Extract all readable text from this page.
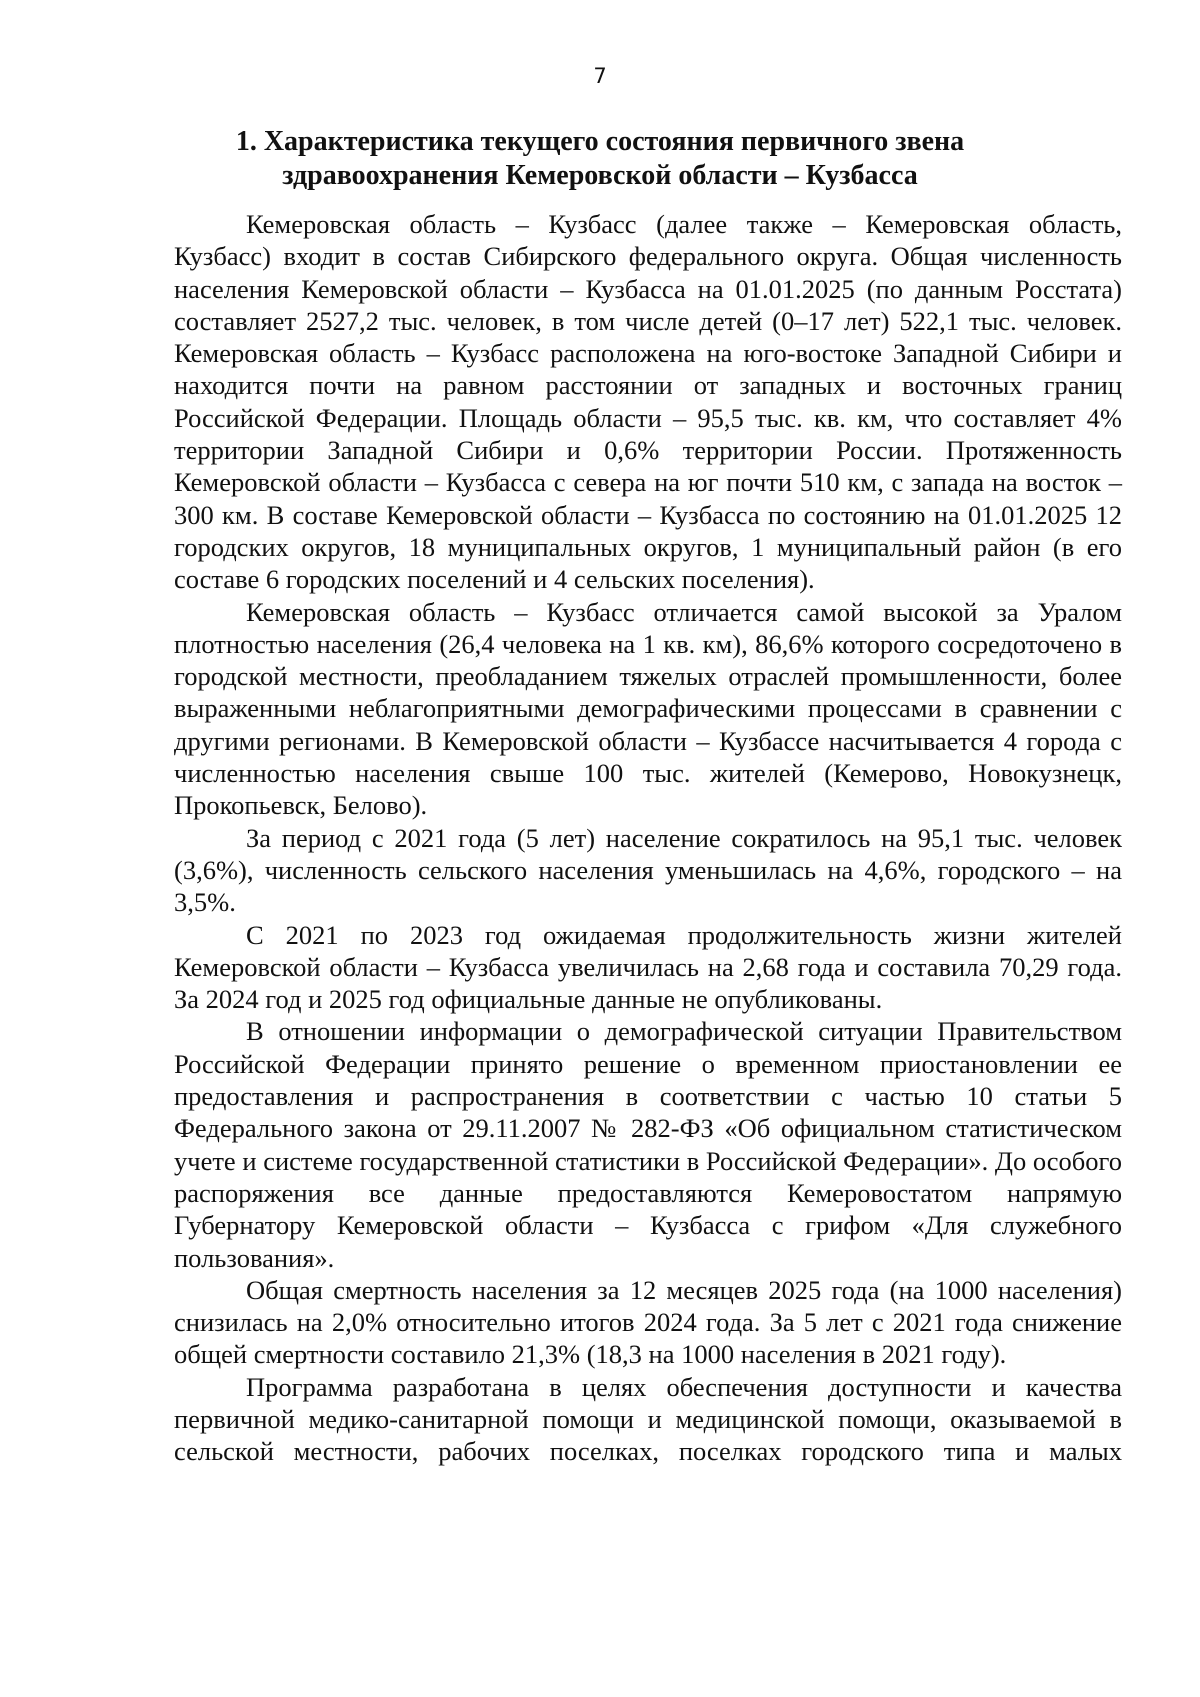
7
1. Характеристика текущего состояния первичного звена
здравоохранения Кемеровской области – Кузбасса

Кемеровская область – Кузбасс (далее также – Кемеровская область, Кузбасс) входит в состав Сибирского федерального округа. Общая численность населения Кемеровской области – Кузбасса на 01.01.2025 (по данным Росстата) составляет 2527,2 тыс. человек, в том числе детей (0–17 лет) 522,1 тыс. человек. Кемеровская область – Кузбасс расположена на юго-востоке Западной Сибири и находится почти на равном расстоянии от западных и восточных границ Российской Федерации. Площадь области – 95,5 тыс. кв. км, что составляет 4% территории Западной Сибири и 0,6% территории России. Протяженность Кемеровской области – Кузбасса с севера на юг почти 510 км, с запада на восток – 300 км. В составе Кемеровской области – Кузбасса по состоянию на 01.01.2025 12 городских округов, 18 муниципальных округов, 1 муниципальный район (в его составе 6 городских поселений и 4 сельских поселения).

Кемеровская область – Кузбасс отличается самой высокой за Уралом плотностью населения (26,4 человека на 1 кв. км), 86,6% которого сосредоточено в городской местности, преобладанием тяжелых отраслей промышленности, более выраженными неблагоприятными демографическими процессами в сравнении с другими регионами. В Кемеровской области – Кузбассе насчитывается 4 города с численностью населения свыше 100 тыс. жителей (Кемерово, Новокузнецк, Прокопьевск, Белово).

За период с 2021 года (5 лет) население сократилось на 95,1 тыс. человек (3,6%), численность сельского населения уменьшилась на 4,6%, городского – на 3,5%.

С 2021 по 2023 год ожидаемая продолжительность жизни жителей Кемеровской области – Кузбасса увеличилась на 2,68 года и составила 70,29 года. За 2024 год и 2025 год официальные данные не опубликованы.

В отношении информации о демографической ситуации Правительством Российской Федерации принято решение о временном приостановлении ее предоставления и распространения в соответствии с частью 10 статьи 5 Федерального закона от 29.11.2007 № 282-ФЗ «Об официальном статистическом учете и системе государственной статистики в Российской Федерации». До особого распоряжения все данные предоставляются Кемеровостатом напрямую Губернатору Кемеровской области – Кузбасса с грифом «Для служебного пользования».

Общая смертность населения за 12 месяцев 2025 года (на 1000 населения) снизилась на 2,0% относительно итогов 2024 года. За 5 лет с 2021 года снижение общей смертности составило 21,3% (18,3 на 1000 населения в 2021 году).

Программа разработана в целях обеспечения доступности и качества первичной медико-санитарной помощи и медицинской помощи, оказываемой в сельской местности, рабочих поселках, поселках городского типа и малых
